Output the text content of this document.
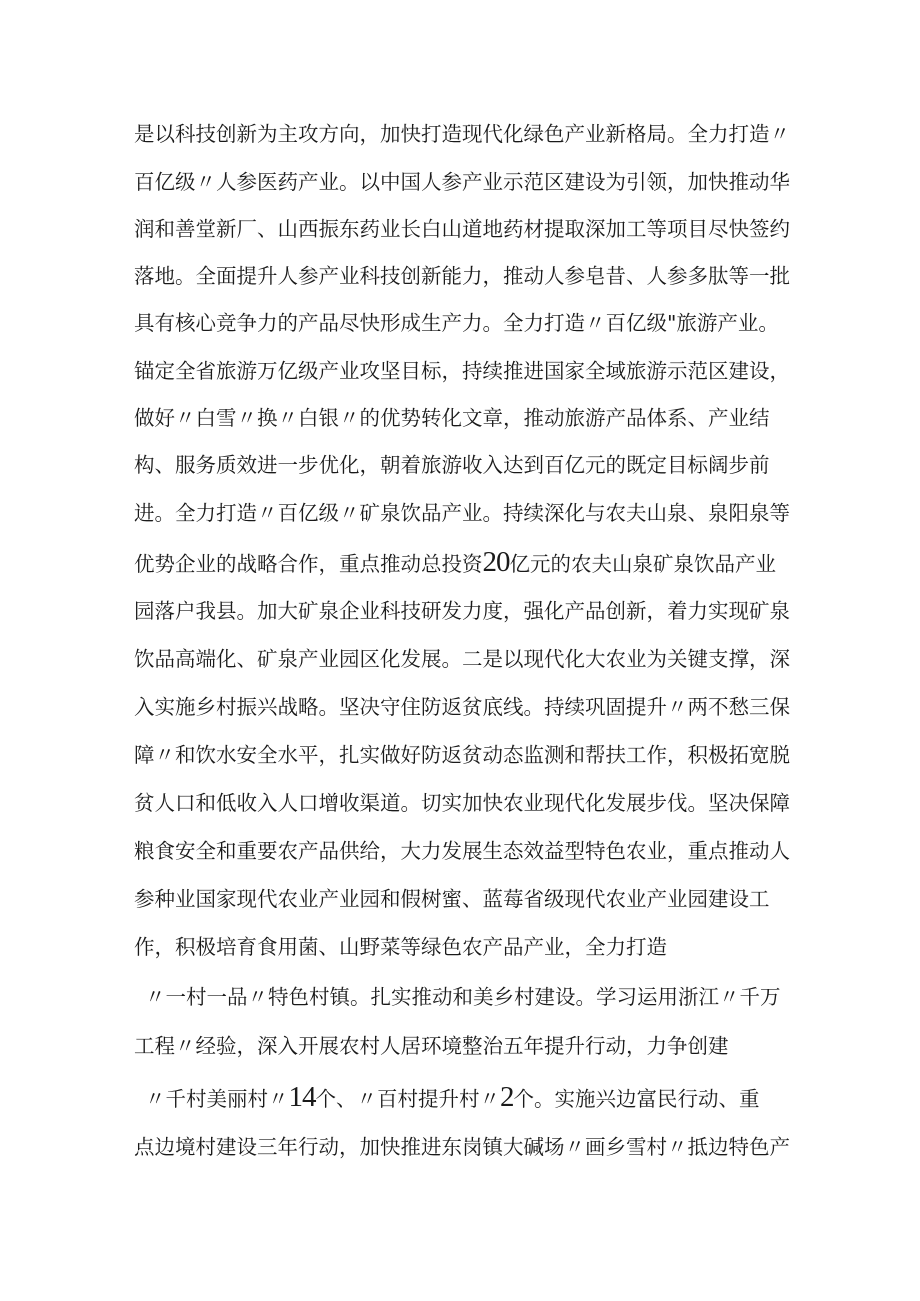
是以科技创新为主攻方向，加快打造现代化绿色产业新格局。全力打造〃
百亿级〃人参医药产业。以中国人参产业示范区建设为引领，加快推动华
润和善堂新厂、山西振东药业长白山道地药材提取深加工等项目尽快签约
落地。全面提升人参产业科技创新能力，推动人参皂昔、人参多肽等一批
具有核心竞争力的产品尽快形成生产力。全力打造〃百亿级"旅游产业。
锚定全省旅游万亿级产业攻坚目标，持续推进国家全域旅游示范区建设，
做好〃白雪〃换〃白银〃的优势转化文章，推动旅游产品体系、产业结
构、服务质效进一步优化，朝着旅游收入达到百亿元的既定目标阔步前
进。全力打造〃百亿级〃矿泉饮品产业。持续深化与农夫山泉、泉阳泉等
优势企业的战略合作，重点推动总投资20亿元的农夫山泉矿泉饮品产业
园落户我县。加大矿泉企业科技研发力度，强化产品创新，着力实现矿泉
饮品高端化、矿泉产业园区化发展。二是以现代化大农业为关键支撑，深
入实施乡村振兴战略。坚决守住防返贫底线。持续巩固提升〃两不愁三保
障〃和饮水安全水平，扎实做好防返贫动态监测和帮扶工作，积极拓宽脱
贫人口和低收入人口增收渠道。切实加快农业现代化发展步伐。坚决保障
粮食安全和重要农产品供给，大力发展生态效益型特色农业，重点推动人
参种业国家现代农业产业园和假树蜜、蓝莓省级现代农业产业园建设工
作，积极培育食用菌、山野菜等绿色农产品产业，全力打造
〃一村一品〃特色村镇。扎实推动和美乡村建设。学习运用浙江〃千万
工程〃经验，深入开展农村人居环境整治五年提升行动，力争创建
〃千村美丽村〃14个、〃百村提升村〃2个。实施兴边富民行动、重
点边境村建设三年行动，加快推进东岗镇大碱场〃画乡雪村〃抵边特色产
